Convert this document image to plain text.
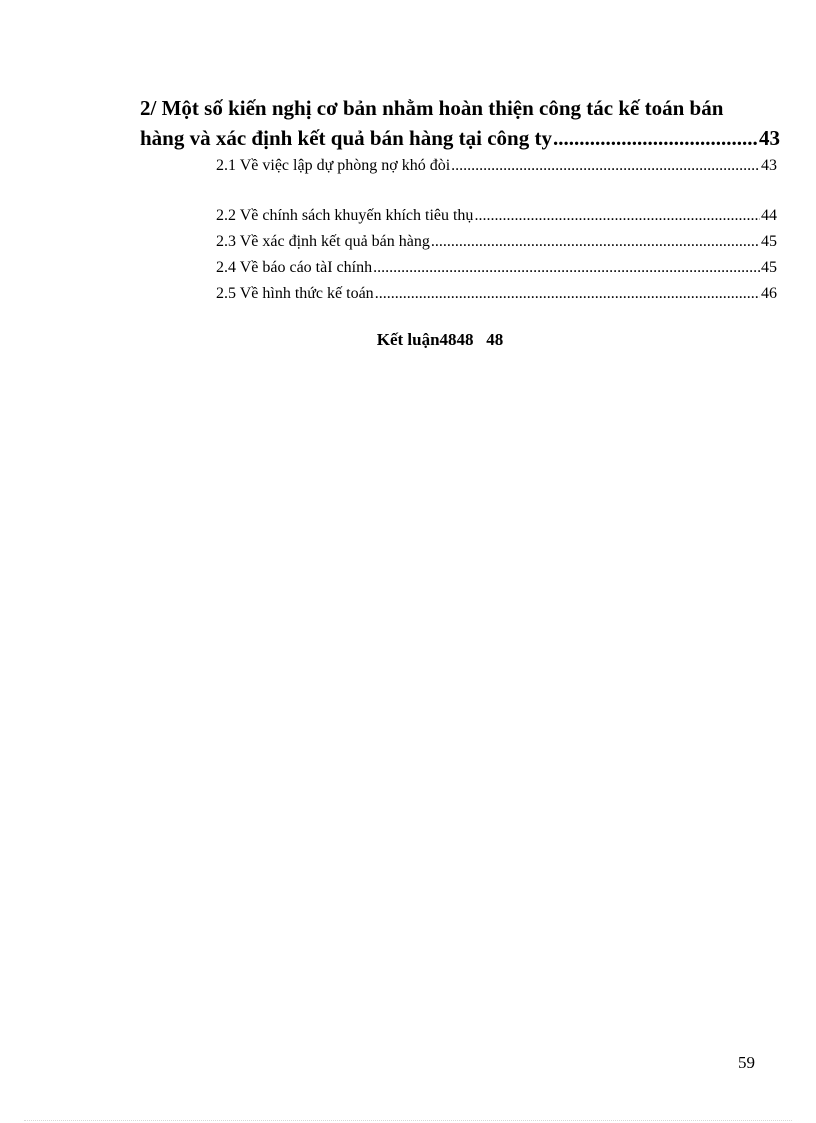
2/ Một số kiến nghị cơ bản nhằm hoàn thiện công tác kế toán bán
hàng và xác định kết quả bán hàng tại công ty .....	43
2.1 Về việc lập dự phòng nợ khó đòi .....	43
2.2 Về chính sách khuyến khích tiêu thụ .....	44
2.3 Về xác định kết quả bán hàng .....	45
2.4 Về báo cáo tàI chính .....	45
2.5 Về hình thức kế toán .....	46
Kết luận4848   48
59
